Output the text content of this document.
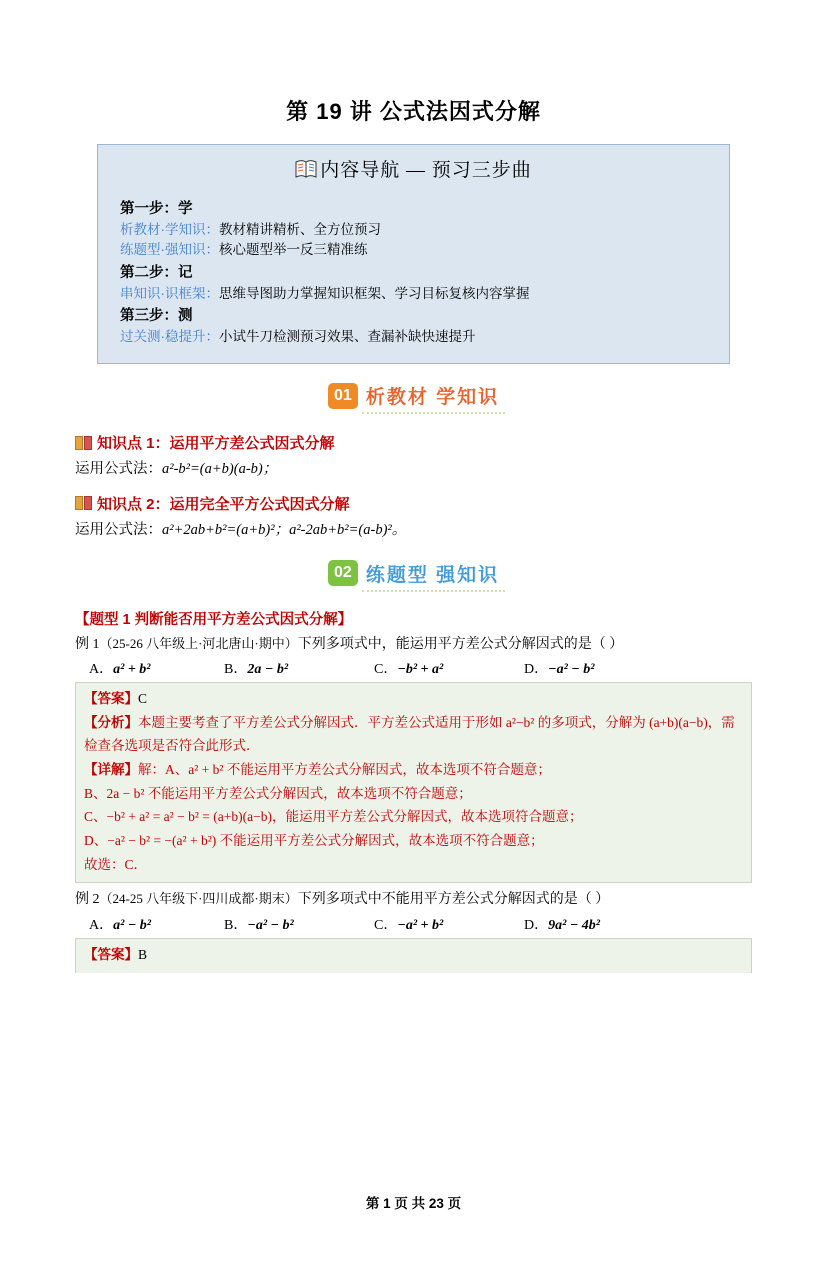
第 19 讲 公式法因式分解
内容导航 — 预习三步曲
第一步：学
析教材·学知识：教材精讲精析、全方位预习
练题型·强知识：核心题型举一反三精准练
第二步：记
串知识·识框架：思维导图助力掌握知识框架、学习目标复核内容掌握
第三步：测
过关测·稳提升：小试牛刀检测预习效果、查漏补缺快速提升
01 析教材 学知识
知识点 1：运用平方差公式因式分解
运用公式法：a²-b²=(a+b)(a-b)；
知识点 2：运用完全平方公式因式分解
运用公式法：a²+2ab+b²=(a+b)²；a²-2ab+b²=(a-b)²。
02 练题型 强知识
【题型 1 判断能否用平方差公式因式分解】
例 1（25-26 八年级上·河北唐山·期中）下列多项式中，能运用平方差公式分解因式的是（ ）
A．a² + b²	B．2a − b²	C．−b² + a²	D．−a² − b²
【答案】C
【分析】本题主要考查了平方差公式分解因式．平方差公式适用于形如 a²−b² 的多项式，分解为 (a+b)(a−b)，需检查各选项是否符合此形式．
【详解】解：A、a² + b² 不能运用平方差公式分解因式，故本选项不符合题意；
B、2a − b² 不能运用平方差公式分解因式，故本选项不符合题意；
C、−b² + a² = a² − b² = (a+b)(a−b)，能运用平方差公式分解因式，故本选项符合题意；
D、−a² − b² = −(a² + b²) 不能运用平方差公式分解因式，故本选项不符合题意；
故选：C．
例 2（24-25 八年级下·四川成都·期末）下列多项式中不能用平方差公式分解因式的是（ ）
A．a² − b²	B．−a² − b²	C．−a² + b²	D．9a² − 4b²
【答案】B
第 1 页 共 23 页
